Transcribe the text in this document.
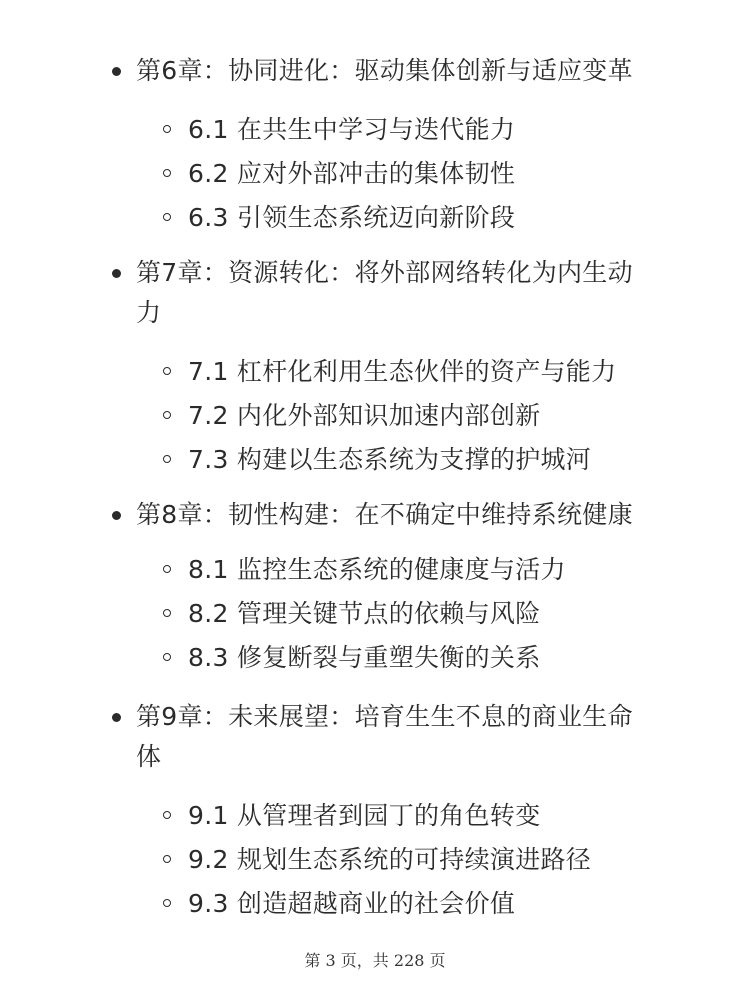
第6章：协同进化：驱动集体创新与适应变革
6.1 在共生中学习与迭代能力
6.2 应对外部冲击的集体韧性
6.3 引领生态系统迈向新阶段
第7章：资源转化：将外部网络转化为内生动
力
7.1 杠杆化利用生态伙伴的资产与能力
7.2 内化外部知识加速内部创新
7.3 构建以生态系统为支撑的护城河
第8章：韧性构建：在不确定中维持系统健康
8.1 监控生态系统的健康度与活力
8.2 管理关键节点的依赖与风险
8.3 修复断裂与重塑失衡的关系
第9章：未来展望：培育生生不息的商业生命
体
9.1 从管理者到园丁的角色转变
9.2 规划生态系统的可持续演进路径
9.3 创造超越商业的社会价值
第 3 页，共 228 页
